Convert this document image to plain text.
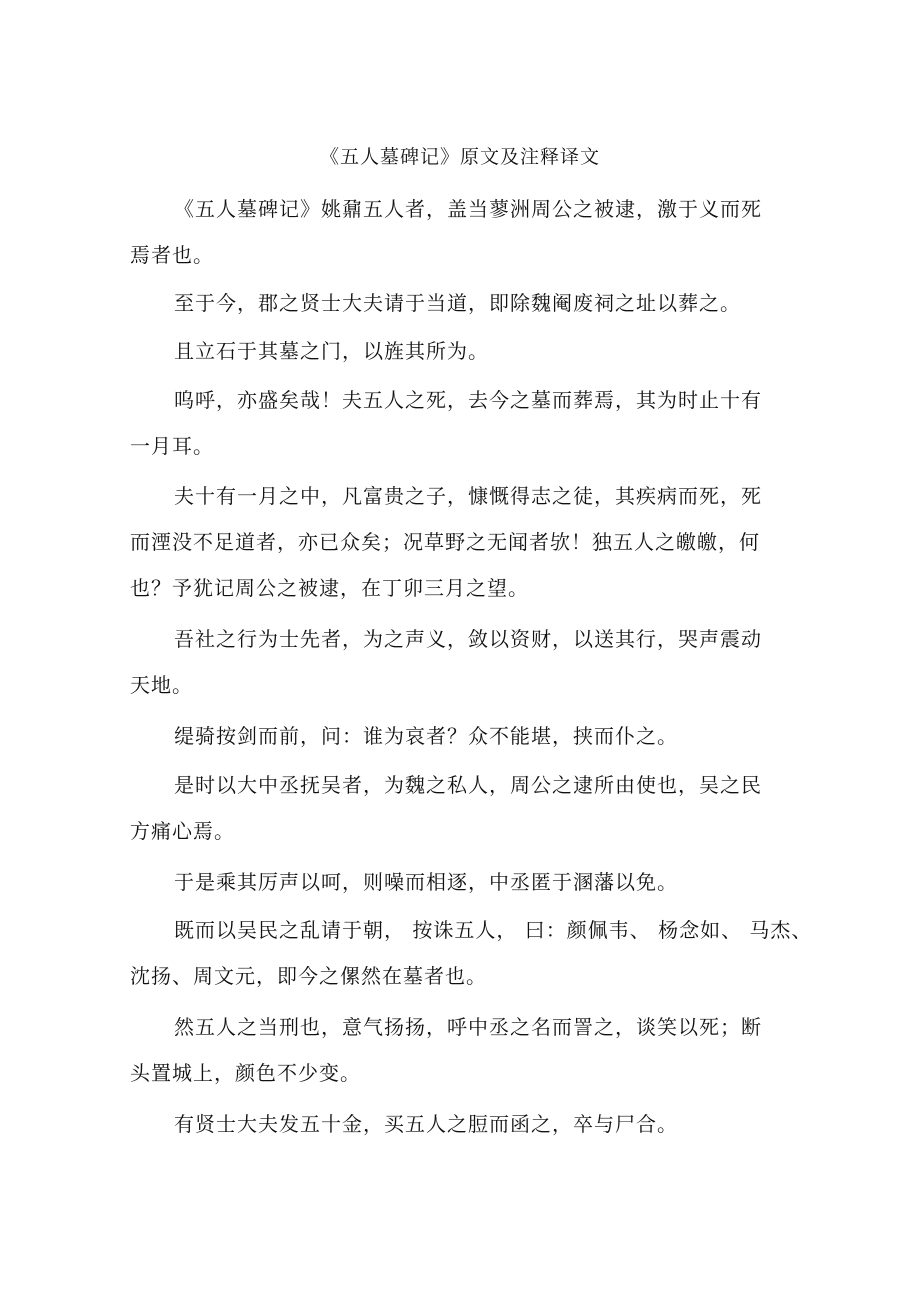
《五人墓碑记》原文及注释译文
《五人墓碑记》姚鼐五人者，盖当蓼洲周公之被逮，激于义而死
焉者也。
至于今，郡之贤士大夫请于当道，即除魏阉废祠之址以葬之。
且立石于其墓之门，以旌其所为。
呜呼，亦盛矣哉！夫五人之死，去今之墓而葬焉，其为时止十有
一月耳。
夫十有一月之中，凡富贵之子，慷慨得志之徒，其疾病而死，死
而湮没不足道者，亦已众矣；况草野之无闻者欤！独五人之皦皦，何
也？予犹记周公之被逮，在丁卯三月之望。
吾社之行为士先者，为之声义，敛以资财，以送其行，哭声震动
天地。
缇骑按剑而前，问：谁为哀者？众不能堪，挟而仆之。
是时以大中丞抚吴者，为魏之私人，周公之逮所由使也，吴之民
方痛心焉。
于是乘其厉声以呵，则噪而相逐，中丞匿于溷藩以免。
既而以吴民之乱请于朝， 按诛五人， 曰：颜佩韦、 杨念如、 马杰、
沈扬、周文元，即今之傫然在墓者也。
然五人之当刑也，意气扬扬，呼中丞之名而詈之，谈笑以死；断
头置城上，颜色不少变。
有贤士大夫发五十金，买五人之脰而函之，卒与尸合。
